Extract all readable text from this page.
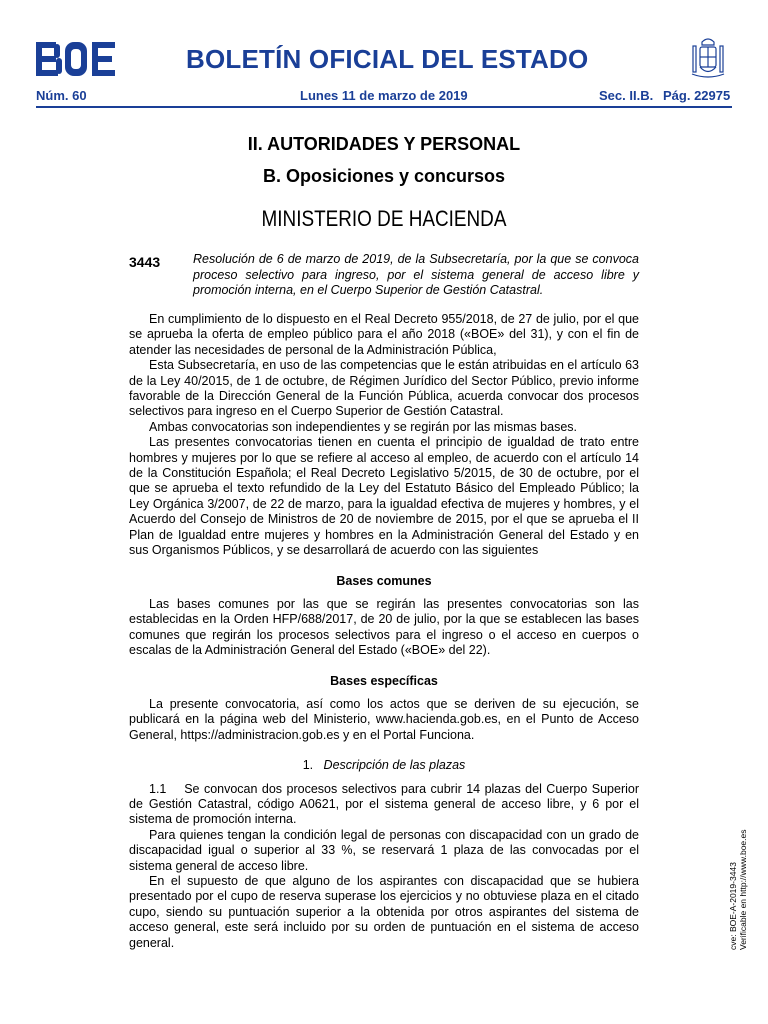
BOLETÍN OFICIAL DEL ESTADO
Núm. 60	Lunes 11 de marzo de 2019	Sec. II.B. Pág. 22975
II. AUTORIDADES Y PERSONAL
B. Oposiciones y concursos
MINISTERIO DE HACIENDA
3443	Resolución de 6 de marzo de 2019, de la Subsecretaría, por la que se convoca proceso selectivo para ingreso, por el sistema general de acceso libre y promoción interna, en el Cuerpo Superior de Gestión Catastral.

En cumplimiento de lo dispuesto en el Real Decreto 955/2018, de 27 de julio, por el que se aprueba la oferta de empleo público para el año 2018 («BOE» del 31), y con el fin de atender las necesidades de personal de la Administración Pública,

Esta Subsecretaría, en uso de las competencias que le están atribuidas en el artículo 63 de la Ley 40/2015, de 1 de octubre, de Régimen Jurídico del Sector Público, previo informe favorable de la Dirección General de la Función Pública, acuerda convocar dos procesos selectivos para ingreso en el Cuerpo Superior de Gestión Catastral.

Ambas convocatorias son independientes y se regirán por las mismas bases.

Las presentes convocatorias tienen en cuenta el principio de igualdad de trato entre hombres y mujeres por lo que se refiere al acceso al empleo, de acuerdo con el artículo 14 de la Constitución Española; el Real Decreto Legislativo 5/2015, de 30 de octubre, por el que se aprueba el texto refundido de la Ley del Estatuto Básico del Empleado Público; la Ley Orgánica 3/2007, de 22 de marzo, para la igualdad efectiva de mujeres y hombres, y el Acuerdo del Consejo de Ministros de 20 de noviembre de 2015, por el que se aprueba el II Plan de Igualdad entre mujeres y hombres en la Administración General del Estado y en sus Organismos Públicos, y se desarrollará de acuerdo con las siguientes

Bases comunes

Las bases comunes por las que se regirán las presentes convocatorias son las establecidas en la Orden HFP/688/2017, de 20 de julio, por la que se establecen las bases comunes que regirán los procesos selectivos para el ingreso o el acceso en cuerpos o escalas de la Administración General del Estado («BOE» del 22).

Bases específicas

La presente convocatoria, así como los actos que se deriven de su ejecución, se publicará en la página web del Ministerio, www.hacienda.gob.es, en el Punto de Acceso General, https://administracion.gob.es y en el Portal Funciona.

1. Descripción de las plazas

1.1    Se convocan dos procesos selectivos para cubrir 14 plazas del Cuerpo Superior de Gestión Catastral, código A0621, por el sistema general de acceso libre, y 6 por el sistema de promoción interna.

Para quienes tengan la condición legal de personas con discapacidad con un grado de discapacidad igual o superior al 33 %, se reservará 1 plaza de las convocadas por el sistema general de acceso libre.

En el supuesto de que alguno de los aspirantes con discapacidad que se hubiera presentado por el cupo de reserva superase los ejercicios y no obtuviese plaza en el citado cupo, siendo su puntuación superior a la obtenida por otros aspirantes del sistema de acceso general, este será incluido por su orden de puntuación en el sistema de acceso general.	cve: BOE-A-2019-3443 Verificable en http://www.boe.es
